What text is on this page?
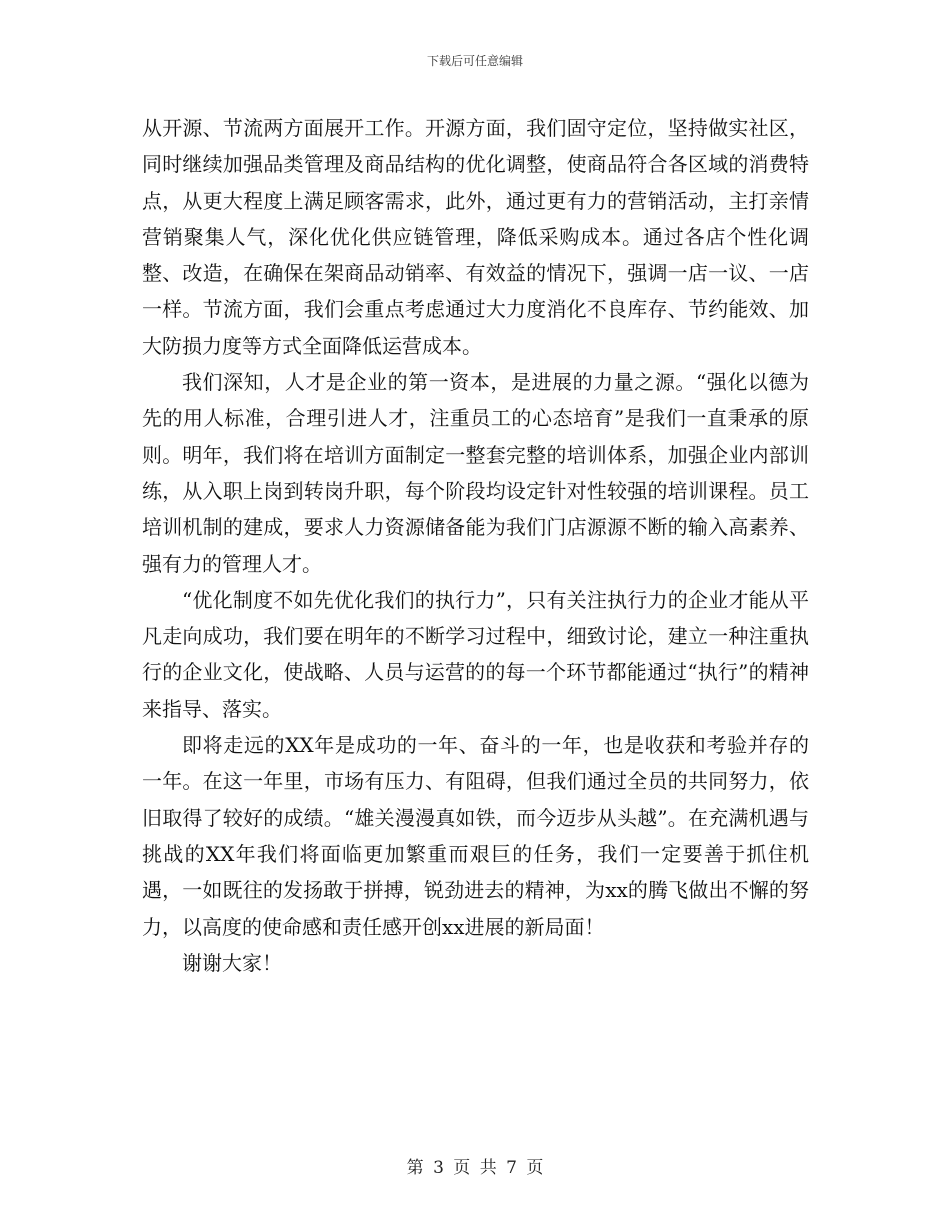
下载后可任意编辑

从开源、节流两方面展开工作。开源方面，我们固守定位，坚持做实社区，同时继续加强品类管理及商品结构的优化调整，使商品符合各区域的消费特点，从更大程度上满足顾客需求，此外，通过更有力的营销活动，主打亲情营销聚集人气，深化优化供应链管理，降低采购成本。通过各店个性化调整、改造，在确保在架商品动销率、有效益的情况下，强调一店一议、一店一样。节流方面，我们会重点考虑通过大力度消化不良库存、节约能效、加大防损力度等方式全面降低运营成本。

我们深知，人才是企业的第一资本，是进展的力量之源。“强化以德为先的用人标准，合理引进人才，注重员工的心态培育”是我们一直秉承的原则。明年，我们将在培训方面制定一整套完整的培训体系，加强企业内部训练，从入职上岗到转岗升职，每个阶段均设定针对性较强的培训课程。员工培训机制的建成，要求人力资源储备能为我们门店源源不断的输入高素养、强有力的管理人才。

“优化制度不如先优化我们的执行力”，只有关注执行力的企业才能从平凡走向成功，我们要在明年的不断学习过程中，细致讨论，建立一种注重执行的企业文化，使战略、人员与运营的的每一个环节都能通过“执行”的精神来指导、落实。

即将走远的XX年是成功的一年、奋斗的一年，也是收获和考验并存的一年。在这一年里，市场有压力、有阻碍，但我们通过全员的共同努力，依旧取得了较好的成绩。“雄关漫漫真如铁，而今迈步从头越”。在充满机遇与挑战的XX年我们将面临更加繁重而艰巨的任务，我们一定要善于抓住机遇，一如既往的发扬敢于拼搏，锐劲进去的精神，为xx的腾飞做出不懈的努力，以高度的使命感和责任感开创xx进展的新局面！

谢谢大家！

第 3 页 共 7 页
